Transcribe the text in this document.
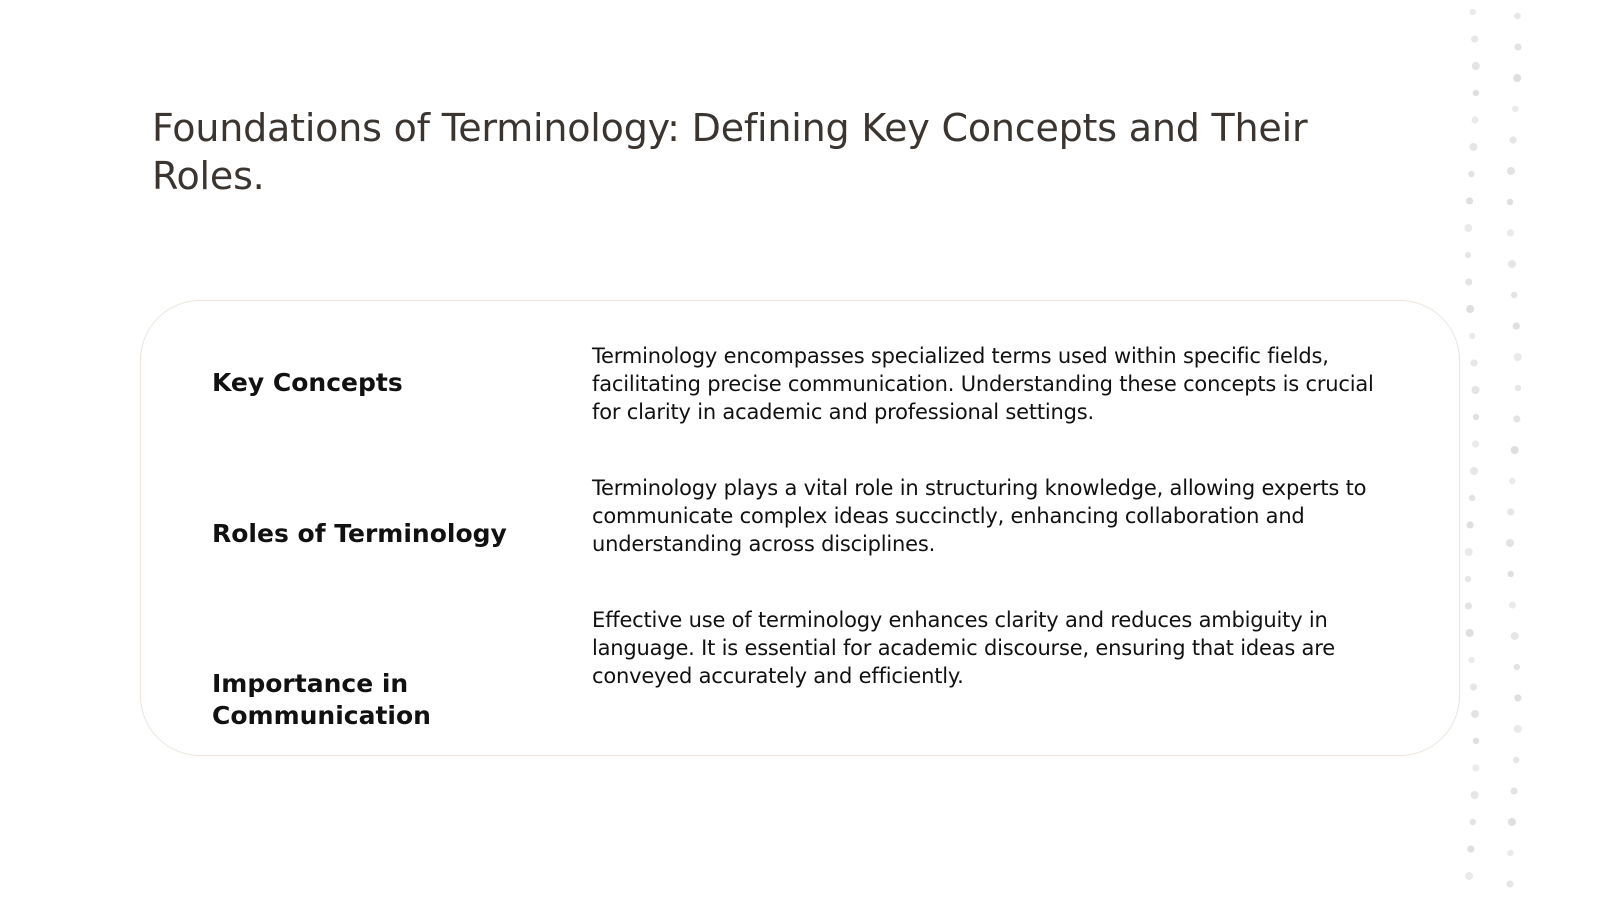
Foundations of Terminology: Defining Key Concepts and Their Roles.
Key Concepts
Terminology encompasses specialized terms used within specific fields, facilitating precise communication. Understanding these concepts is crucial for clarity in academic and professional settings.
Roles of Terminology
Terminology plays a vital role in structuring knowledge, allowing experts to communicate complex ideas succinctly, enhancing collaboration and understanding across disciplines.
Importance in Communication
Effective use of terminology enhances clarity and reduces ambiguity in language. It is essential for academic discourse, ensuring that ideas are conveyed accurately and efficiently.
